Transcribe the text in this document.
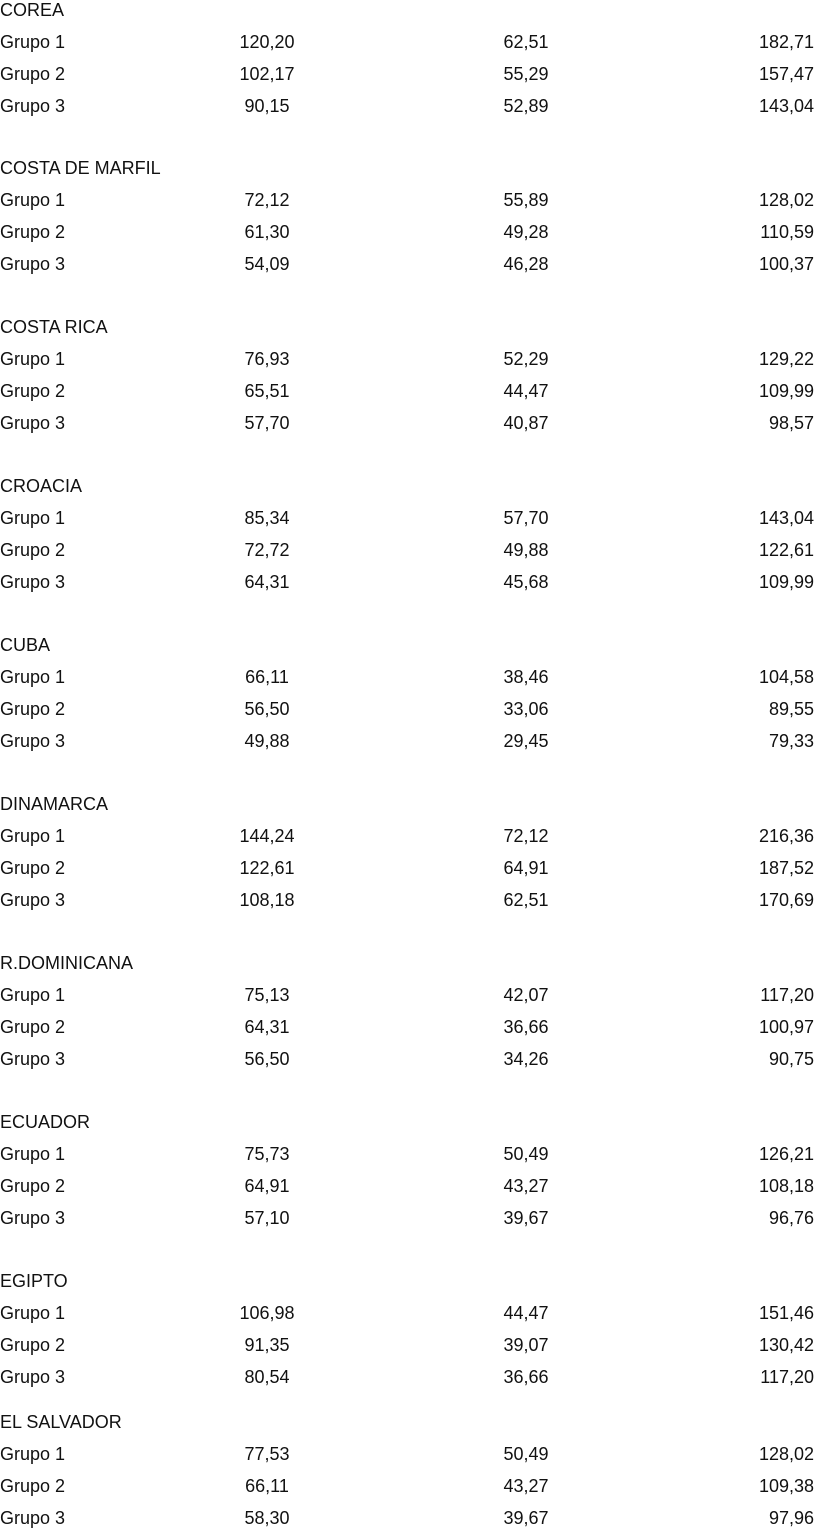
COREA
Grupo 1	120,20	62,51	182,71
Grupo 2	102,17	55,29	157,47
Grupo 3	90,15	52,89	143,04
COSTA DE MARFIL
Grupo 1	72,12	55,89	128,02
Grupo 2	61,30	49,28	110,59
Grupo 3	54,09	46,28	100,37
COSTA RICA
Grupo 1	76,93	52,29	129,22
Grupo 2	65,51	44,47	109,99
Grupo 3	57,70	40,87	98,57
CROACIA
Grupo 1	85,34	57,70	143,04
Grupo 2	72,72	49,88	122,61
Grupo 3	64,31	45,68	109,99
CUBA
Grupo 1	66,11	38,46	104,58
Grupo 2	56,50	33,06	89,55
Grupo 3	49,88	29,45	79,33
DINAMARCA
Grupo 1	144,24	72,12	216,36
Grupo 2	122,61	64,91	187,52
Grupo 3	108,18	62,51	170,69
R.DOMINICANA
Grupo 1	75,13	42,07	117,20
Grupo 2	64,31	36,66	100,97
Grupo 3	56,50	34,26	90,75
ECUADOR
Grupo 1	75,73	50,49	126,21
Grupo 2	64,91	43,27	108,18
Grupo 3	57,10	39,67	96,76
EGIPTO
Grupo 1	106,98	44,47	151,46
Grupo 2	91,35	39,07	130,42
Grupo 3	80,54	36,66	117,20
EL SALVADOR
Grupo 1	77,53	50,49	128,02
Grupo 2	66,11	43,27	109,38
Grupo 3	58,30	39,67	97,96
